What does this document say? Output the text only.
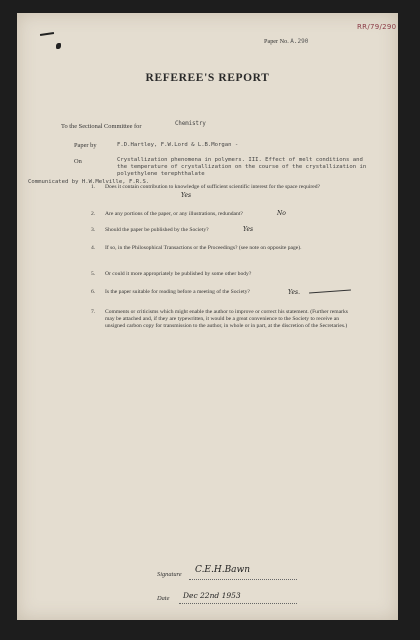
RR/79/290
Paper No. A.290
REFEREE'S REPORT
To the Sectional Committee for	Chemistry
Paper by	F.D.Hartley, F.W.Lord & L.B.Morgan -
On	Crystallization phenomena in polymers. III. Effect of melt conditions and
the temperature of crystallization on the course of the crystallization in
polyethylene terephthalate
Communicated by H.W.Melville, F.R.S.
1. Does it contain contribution to knowledge of sufficient scientific interest for the space required?
Yes
2. Are any portions of the paper, or any illustrations, redundant?	No
3. Should the paper be published by the Society?	Yes
4. If so, in the Philosophical Transactions or the Proceedings? (see note on opposite page).
5. Or could it more appropriately be published by some other body?
6. Is the paper suitable for reading before a meeting of the Society?	Yes.
7. Comments or criticisms which might enable the author to improve or correct his statement. (Further remarks may be attached and, if they are typewritten, it would be a great convenience to the Society to receive an unsigned carbon copy for transmission to the author, in whole or in part, at the discretion of the Secretaries.)
Signature C.E.H.Bawn
Date Dec 22nd 1953
